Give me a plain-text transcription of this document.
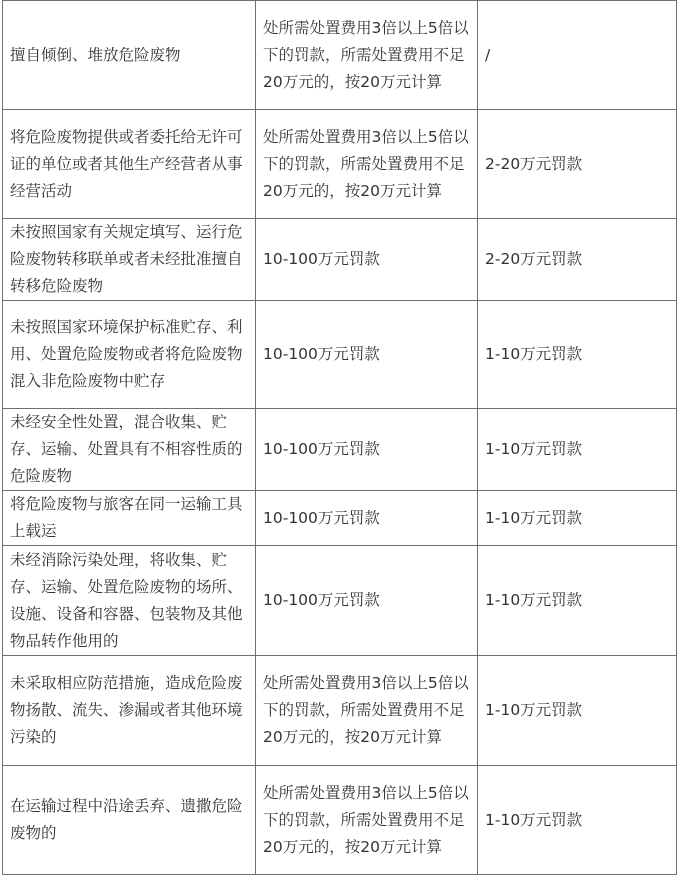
擅自倾倒、堆放危险废物	处所需处置费用3倍以上5倍以下的罚款，所需处置费用不足20万元的，按20万元计算	/

将危险废物提供或者委托给无许可证的单位或者其他生产经营者从事经营活动	处所需处置费用3倍以上5倍以下的罚款，所需处置费用不足20万元的，按20万元计算	2-20万元罚款

未按照国家有关规定填写、运行危险废物转移联单或者未经批准擅自转移危险废物	10-100万元罚款	2-20万元罚款

未按照国家环境保护标准贮存、利用、处置危险废物或者将危险废物混入非危险废物中贮存	10-100万元罚款	1-10万元罚款

未经安全性处置，混合收集、贮存、运输、处置具有不相容性质的危险废物	10-100万元罚款	1-10万元罚款

将危险废物与旅客在同一运输工具上载运	10-100万元罚款	1-10万元罚款

未经消除污染处理，将收集、贮存、运输、处置危险废物的场所、设施、设备和容器、包装物及其他物品转作他用的	10-100万元罚款	1-10万元罚款

未采取相应防范措施，造成危险废物扬散、流失、渗漏或者其他环境污染的	处所需处置费用3倍以上5倍以下的罚款，所需处置费用不足20万元的，按20万元计算	1-10万元罚款

在运输过程中沿途丢弃、遗撒危险废物的	处所需处置费用3倍以上5倍以下的罚款，所需处置费用不足20万元的，按20万元计算	1-10万元罚款
